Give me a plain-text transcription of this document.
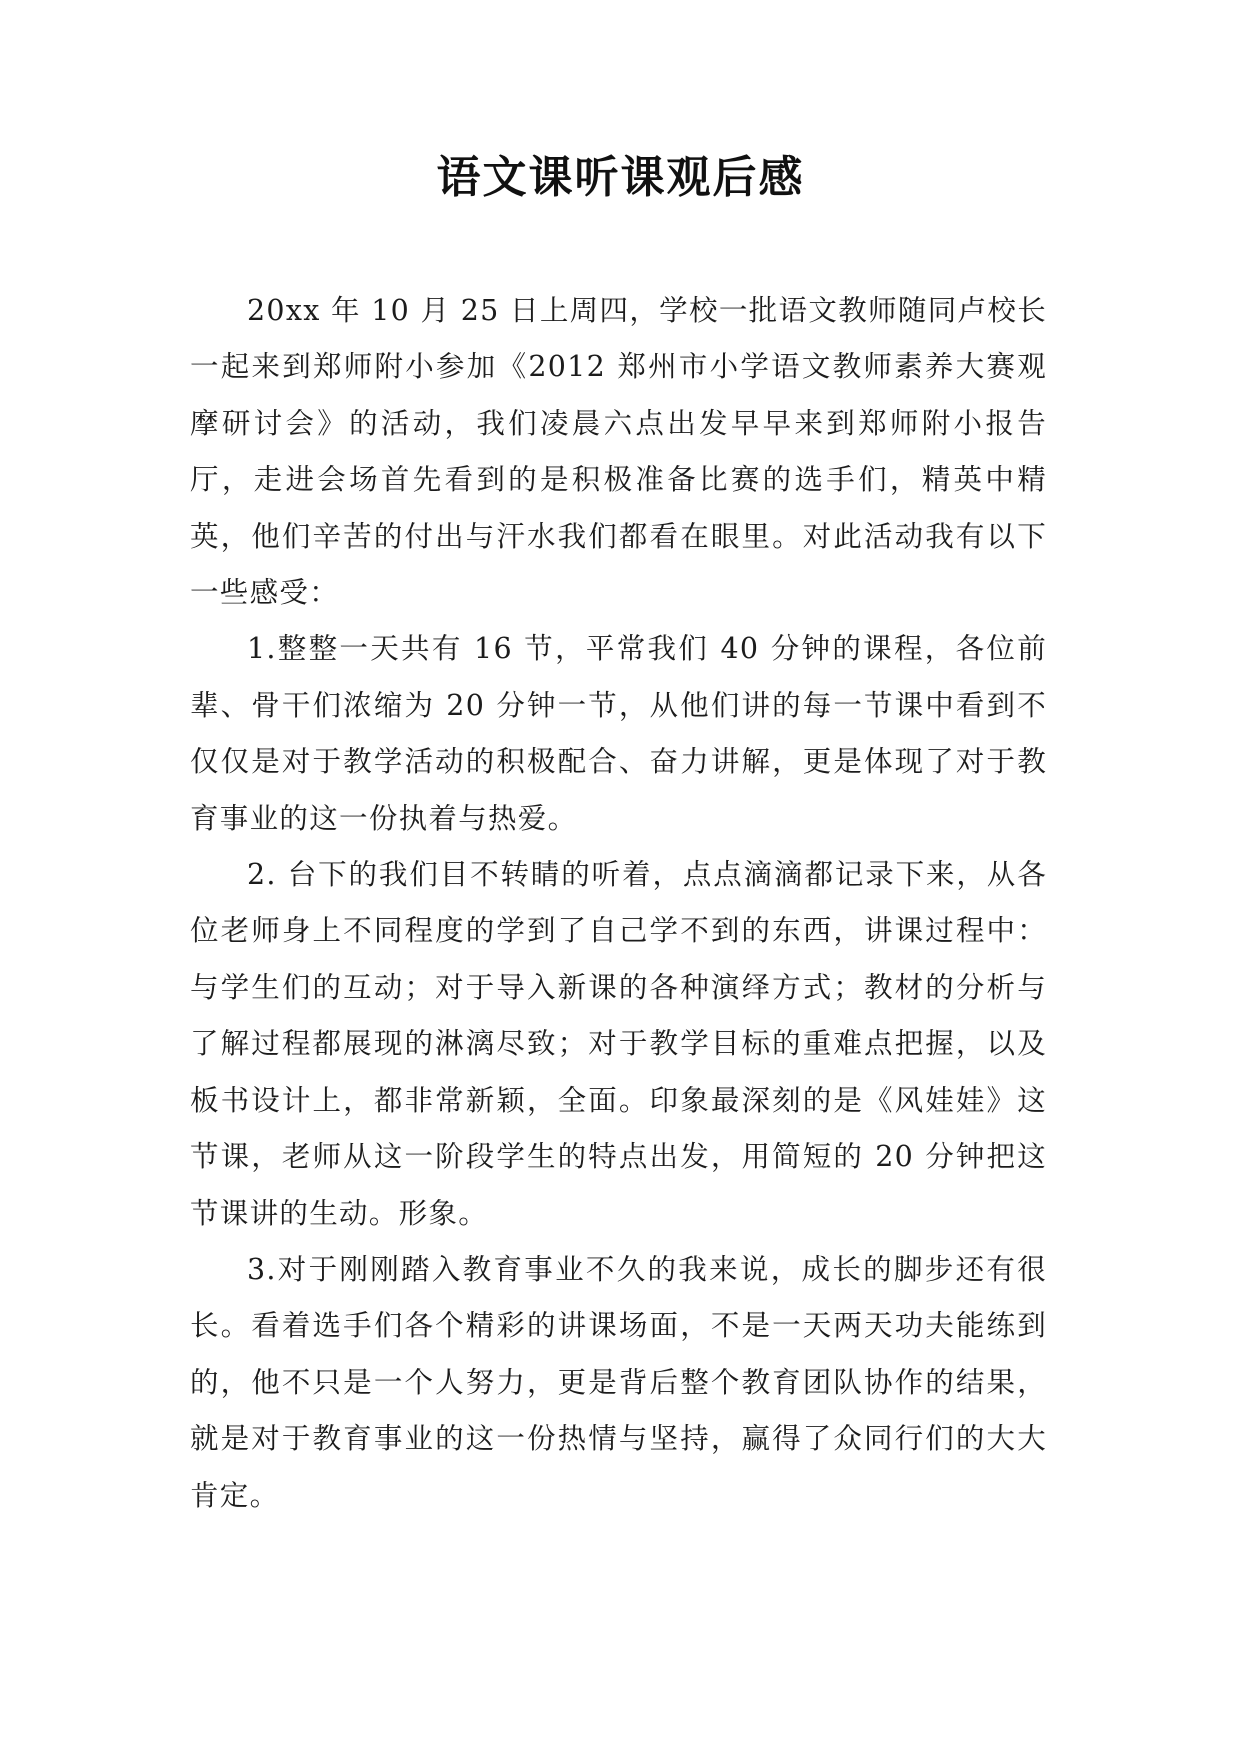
语文课听课观后感

20xx 年 10 月 25 日上周四，学校一批语文教师随同卢校长一起来到郑师附小参加《2012 郑州市小学语文教师素养大赛观摩研讨会》的活动，我们凌晨六点出发早早来到郑师附小报告厅，走进会场首先看到的是积极准备比赛的选手们，精英中精英，他们辛苦的付出与汗水我们都看在眼里。对此活动我有以下一些感受：

1.整整一天共有 16 节，平常我们 40 分钟的课程，各位前辈、骨干们浓缩为 20 分钟一节，从他们讲的每一节课中看到不仅仅是对于教学活动的积极配合、奋力讲解，更是体现了对于教育事业的这一份执着与热爱。

2. 台下的我们目不转睛的听着，点点滴滴都记录下来，从各位老师身上不同程度的学到了自己学不到的东西，讲课过程中：与学生们的互动；对于导入新课的各种演绎方式；教材的分析与了解过程都展现的淋漓尽致；对于教学目标的重难点把握，以及板书设计上，都非常新颖，全面。印象最深刻的是《风娃娃》这节课，老师从这一阶段学生的特点出发，用简短的 20 分钟把这节课讲的生动。形象。

3.对于刚刚踏入教育事业不久的我来说，成长的脚步还有很长。看着选手们各个精彩的讲课场面，不是一天两天功夫能练到的，他不只是一个人努力，更是背后整个教育团队协作的结果，就是对于教育事业的这一份热情与坚持，赢得了众同行们的大大肯定。
